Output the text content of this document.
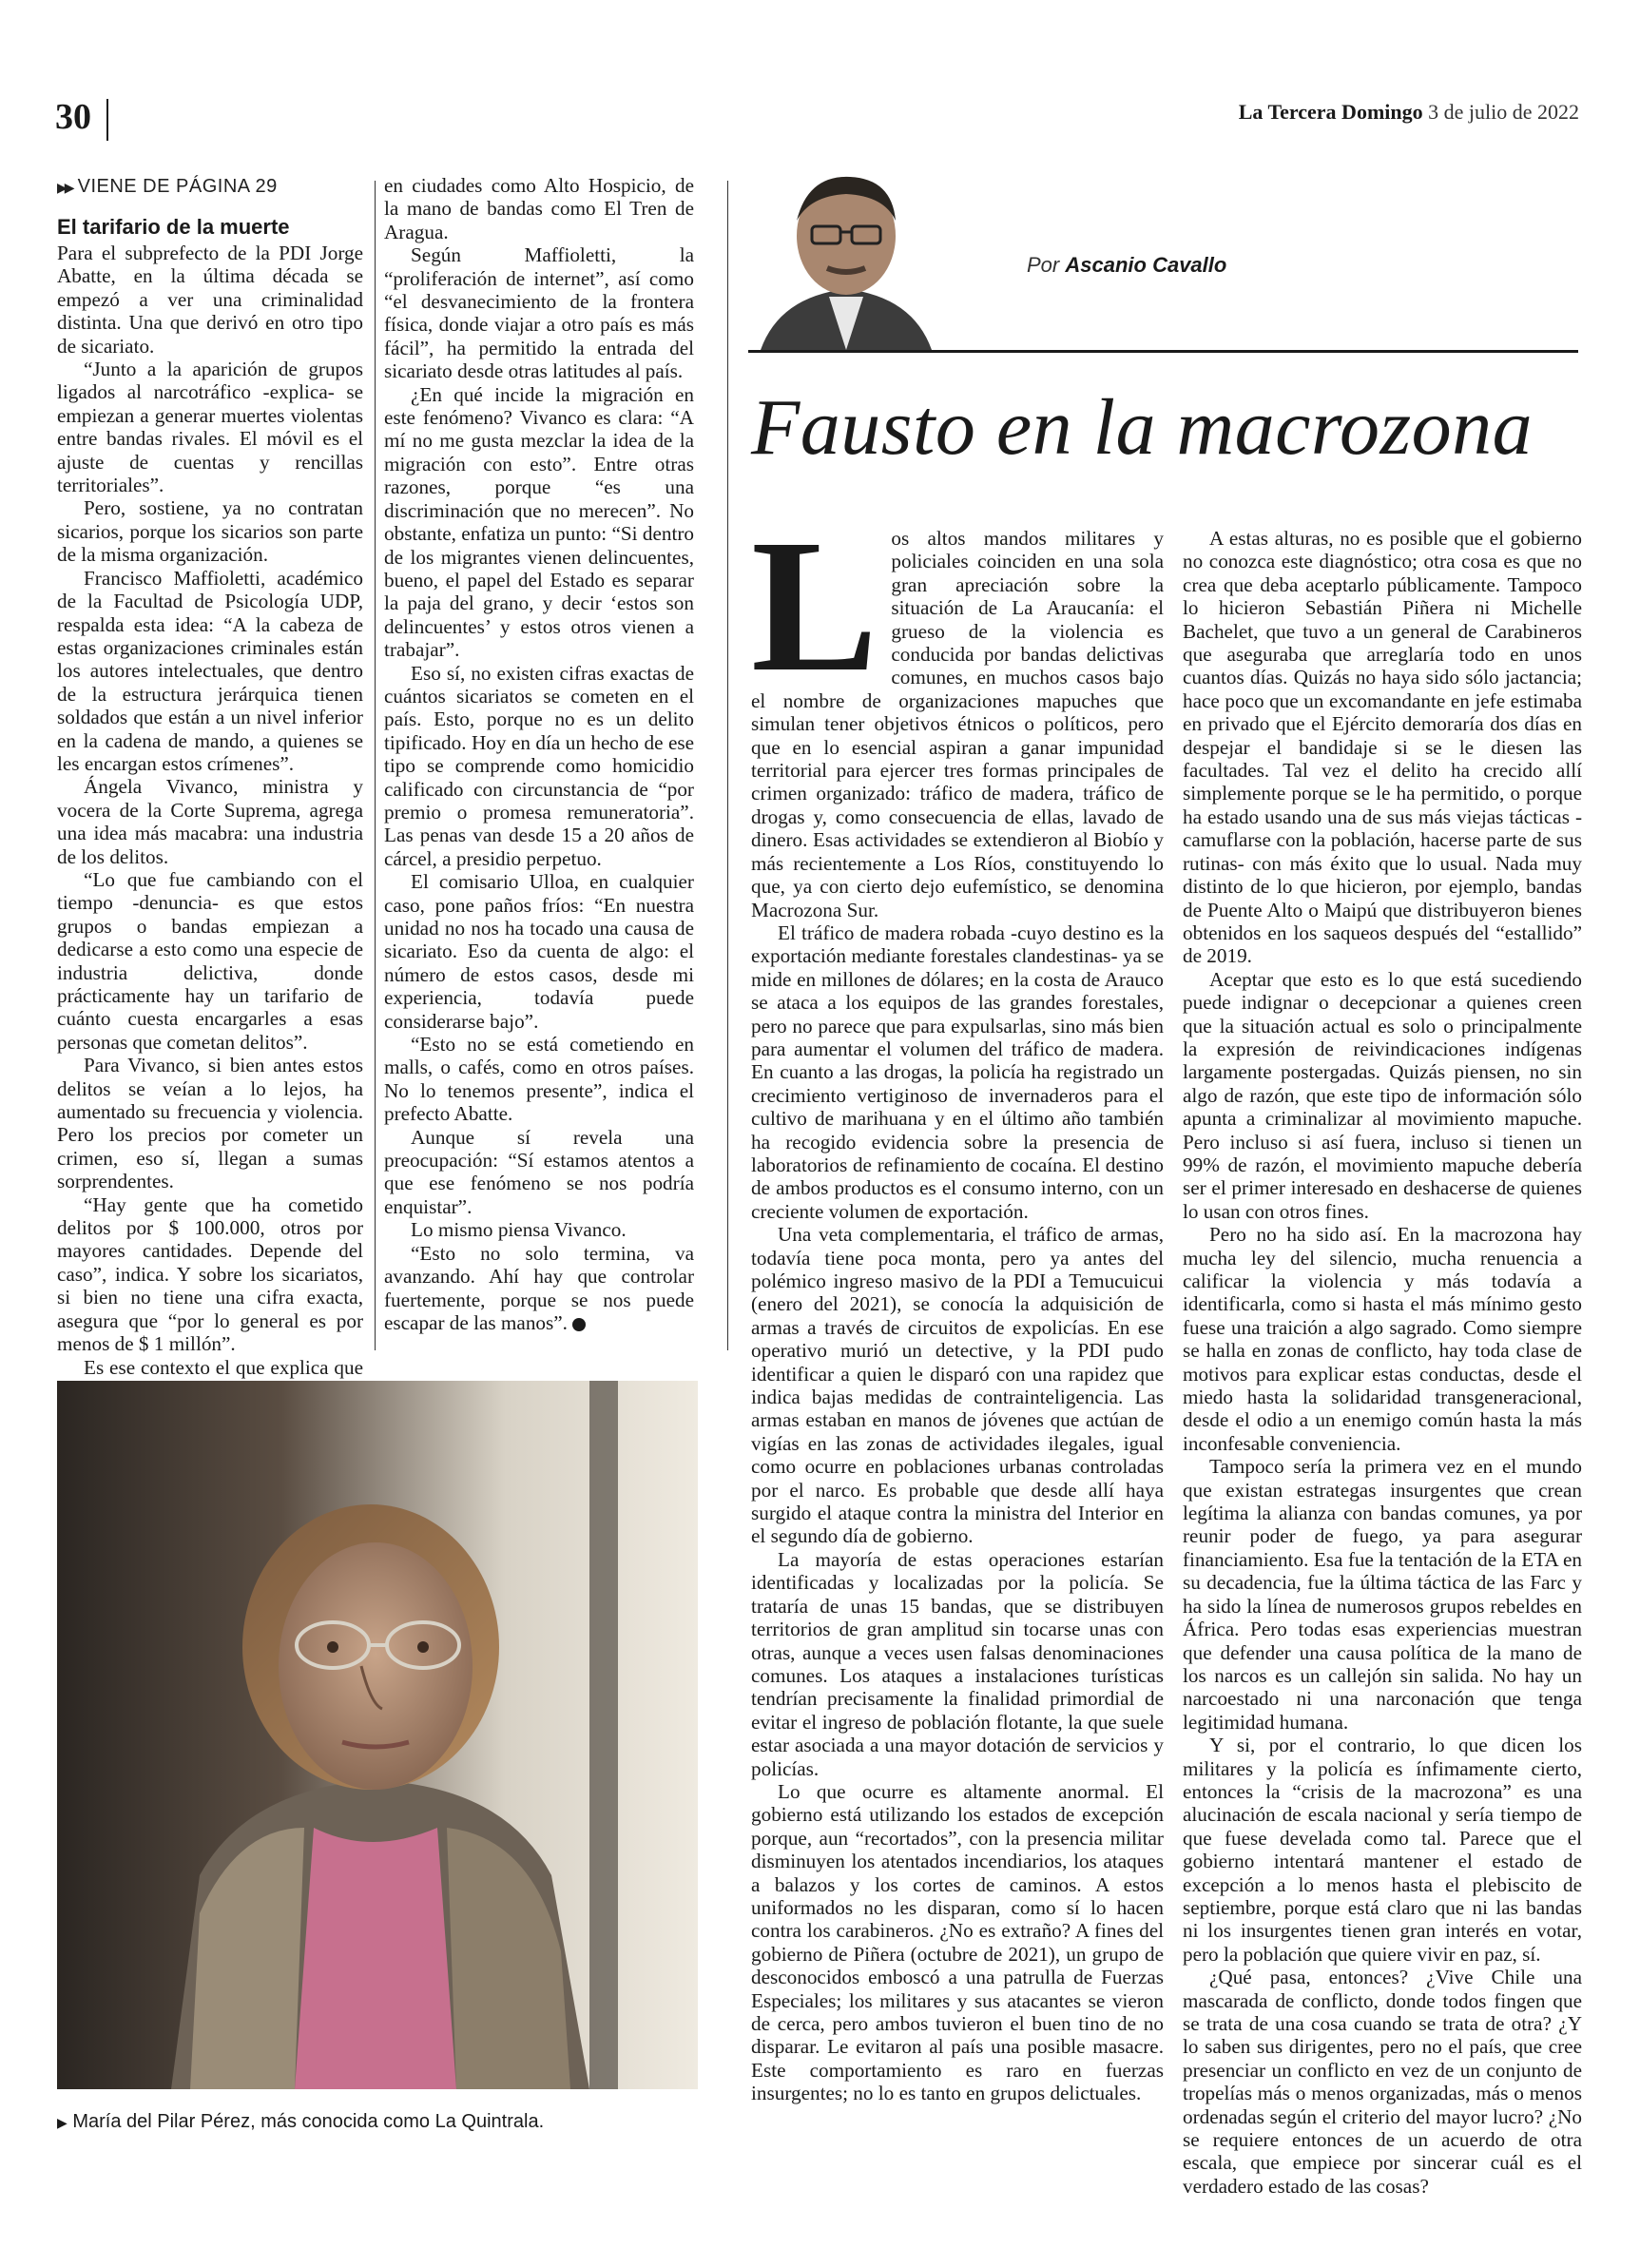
30	La Tercera Domingo 3 de julio de 2022
▶▶ VIENE DE PÁGINA 29
El tarifario de la muerte

Para el subprefecto de la PDI Jorge Abatte, en la última década se empezó a ver una criminalidad distinta. Una que derivó en otro tipo de sicariato.

“Junto a la aparición de grupos ligados al narcotráfico -explica- se empiezan a generar muertes violentas entre bandas rivales. El móvil es el ajuste de cuentas y rencillas territoriales”.

Pero, sostiene, ya no contratan sicarios, porque los sicarios son parte de la misma organización.

Francisco Maffioletti, académico de la Facultad de Psicología UDP, respalda esta idea: “A la cabeza de estas organizaciones criminales están los autores intelectuales, que dentro de la estructura jerárquica tienen soldados que están a un nivel inferior en la cadena de mando, a quienes se les encargan estos crímenes”.

Ángela Vivanco, ministra y vocera de la Corte Suprema, agrega una idea más macabra: una industria de los delitos.

“Lo que fue cambiando con el tiempo -denuncia- es que estos grupos o bandas empiezan a dedicarse a esto como una especie de industria delictiva, donde prácticamente hay un tarifario de cuánto cuesta encargarles a esas personas que cometan delitos”.

Para Vivanco, si bien antes estos delitos se veían a lo lejos, ha aumentado su frecuencia y violencia. Pero los precios por cometer un crimen, eso sí, llegan a sumas sorprendentes.

“Hay gente que ha cometido delitos por $ 100.000, otros por mayores cantidades. Depende del caso”, indica. Y sobre los sicariatos, si bien no tiene una cifra exacta, asegura que “por lo general es por menos de $ 1 millón”.

Es ese contexto el que explica que

en ciudades como Alto Hospicio, de la mano de bandas como El Tren de Aragua.

Según Maffioletti, la “proliferación de internet”, así como “el desvanecimiento de la frontera física, donde viajar a otro país es más fácil”, ha permitido la entrada del sicariato desde otras latitudes al país.

¿En qué incide la migración en este fenómeno? Vivanco es clara: “A mí no me gusta mezclar la idea de la migración con esto”. Entre otras razones, porque “es una discriminación que no merecen”. No obstante, enfatiza un punto: “Si dentro de los migrantes vienen delincuentes, bueno, el papel del Estado es separar la paja del grano, y decir ‘estos son delincuentes’ y estos otros vienen a trabajar”.

Eso sí, no existen cifras exactas de cuántos sicariatos se cometen en el país. Esto, porque no es un delito tipificado. Hoy en día un hecho de ese tipo se comprende como homicidio calificado con circunstancia de “por premio o promesa remuneratoria”. Las penas van desde 15 a 20 años de cárcel, a presidio perpetuo.

El comisario Ulloa, en cualquier caso, pone paños fríos: “En nuestra unidad no nos ha tocado una causa de sicariato. Eso da cuenta de algo: el número de estos casos, desde mi experiencia, todavía puede considerarse bajo”.

“Esto no se está cometiendo en malls, o cafés, como en otros países. No lo tenemos presente”, indica el prefecto Abatte.

Aunque sí revela una preocupación: “Sí estamos atentos a que ese fenómeno se nos podría enquistar”.

Lo mismo piensa Vivanco.

“Esto no solo termina, va avanzando. Ahí hay que controlar fuertemente, porque se nos puede escapar de las manos”.	●

▶ María del Pilar Pérez, más conocida como La Quintrala.
Por Ascanio Cavallo
Fausto en la macrozona
L os altos mandos militares y policiales coinciden en una sola gran apreciación sobre la situación de La Araucanía: el grueso de la violencia es conducida por bandas delictivas comunes, en muchos casos bajo el nombre de organizaciones mapuches que simulan tener objetivos étnicos o políticos, pero que en lo esencial aspiran a ganar impunidad territorial para ejercer tres formas principales de crimen organizado: tráfico de madera, tráfico de drogas y, como consecuencia de ellas, lavado de dinero. Esas actividades se extendieron al Biobío y más recientemente a Los Ríos, constituyendo lo que, ya con cierto dejo eufemístico, se denomina Macrozona Sur.

El tráfico de madera robada -cuyo destino es la exportación mediante forestales clandestinas- ya se mide en millones de dólares; en la costa de Arauco se ataca a los equipos de las grandes forestales, pero no parece que para expulsarlas, sino más bien para aumentar el volumen del tráfico de madera. En cuanto a las drogas, la policía ha registrado un crecimiento vertiginoso de invernaderos para el cultivo de marihuana y en el último año también ha recogido evidencia sobre la presencia de laboratorios de refinamiento de cocaína. El destino de ambos productos es el consumo interno, con un creciente volumen de exportación.

Una veta complementaria, el tráfico de armas, todavía tiene poca monta, pero ya antes del polémico ingreso masivo de la PDI a Temucuicui (enero del 2021), se conocía la adquisición de armas a través de circuitos de expolicías. En ese operativo murió un detective, y la PDI pudo identificar a quien le disparó con una rapidez que indica bajas medidas de contrainteligencia. Las armas estaban en manos de jóvenes que actúan de vigías en las zonas de actividades ilegales, igual como ocurre en poblaciones urbanas controladas por el narco. Es probable que desde allí haya surgido el ataque contra la ministra del Interior en el segundo día de gobierno.

La mayoría de estas operaciones estarían identificadas y localizadas por la policía. Se trataría de unas 15 bandas, que se distribuyen territorios de gran amplitud sin tocarse unas con otras, aunque a veces usen falsas denominaciones comunes. Los ataques a instalaciones turísticas tendrían precisamente la finalidad primordial de evitar el ingreso de población flotante, la que suele estar asociada a una mayor dotación de servicios y policías.

Lo que ocurre es altamente anormal. El gobierno está utilizando los estados de excepción porque, aun “recortados”, con la presencia militar disminuyen los atentados incendiarios, los ataques a balazos y los cortes de caminos. A estos uniformados no les disparan, como sí lo hacen contra los carabineros. ¿No es extraño? A fines del gobierno de Piñera (octubre de 2021), un grupo de desconocidos emboscó a una patrulla de Fuerzas Especiales; los militares y sus atacantes se vieron de cerca, pero ambos tuvieron el buen tino de no disparar. Le evitaron al país una posible masacre. Este comportamiento es raro en fuerzas insurgentes; no lo es tanto en grupos delictuales.

A estas alturas, no es posible que el gobierno no conozca este diagnóstico; otra cosa es que no crea que deba aceptarlo públicamente. Tampoco lo hicieron Sebastián Piñera ni Michelle Bachelet, que tuvo a un general de Carabineros que aseguraba que arreglaría todo en unos cuantos días. Quizás no haya sido sólo jactancia; hace poco que un excomandante en jefe estimaba en privado que el Ejército demoraría dos días en despejar el bandidaje si se le diesen las facultades. Tal vez el delito ha crecido allí simplemente porque se le ha permitido, o porque ha estado usando una de sus más viejas tácticas -camuflarse con la población, hacerse parte de sus rutinas- con más éxito que lo usual. Nada muy distinto de lo que hicieron, por ejemplo, bandas de Puente Alto o Maipú que distribuyeron bienes obtenidos en los saqueos después del “estallido” de 2019.

Aceptar que esto es lo que está sucediendo puede indignar o decepcionar a quienes creen que la situación actual es solo o principalmente la expresión de reivindicaciones indígenas largamente postergadas. Quizás piensen, no sin algo de razón, que este tipo de información sólo apunta a criminalizar al movimiento mapuche. Pero incluso si así fuera, incluso si tienen un 99% de razón, el movimiento mapuche debería ser el primer interesado en deshacerse de quienes lo usan con otros fines.

Pero no ha sido así. En la macrozona hay mucha ley del silencio, mucha renuencia a calificar la violencia y más todavía a identificarla, como si hasta el más mínimo gesto fuese una traición a algo sagrado. Como siempre se halla en zonas de conflicto, hay toda clase de motivos para explicar estas conductas, desde el miedo hasta la solidaridad transgeneracional, desde el odio a un enemigo común hasta la más inconfesable conveniencia.

Tampoco sería la primera vez en el mundo que existan estrategas insurgentes que crean legítima la alianza con bandas comunes, ya por reunir poder de fuego, ya para asegurar financiamiento. Esa fue la tentación de la ETA en su decadencia, fue la última táctica de las Farc y ha sido la línea de numerosos grupos rebeldes en África. Pero todas esas experiencias muestran que defender una causa política de la mano de los narcos es un callejón sin salida. No hay un narcoestado ni una narconación que tenga legitimidad humana.

Y si, por el contrario, lo que dicen los militares y la policía es ínfimamente cierto, entonces la “crisis de la macrozona” es una alucinación de escala nacional y sería tiempo de que fuese develada como tal. Parece que el gobierno intentará mantener el estado de excepción a lo menos hasta el plebiscito de septiembre, porque está claro que ni las bandas ni los insurgentes tienen gran interés en votar, pero la población que quiere vivir en paz, sí.

¿Qué pasa, entonces? ¿Vive Chile una mascarada de conflicto, donde todos fingen que se trata de una cosa cuando se trata de otra? ¿Y lo saben sus dirigentes, pero no el país, que cree presenciar un conflicto en vez de un conjunto de tropelías más o menos organizadas, más o menos ordenadas según el criterio del mayor lucro? ¿No se requiere entonces de un acuerdo de otra escala, que empiece por sincerar cuál es el verdadero estado de las cosas?
